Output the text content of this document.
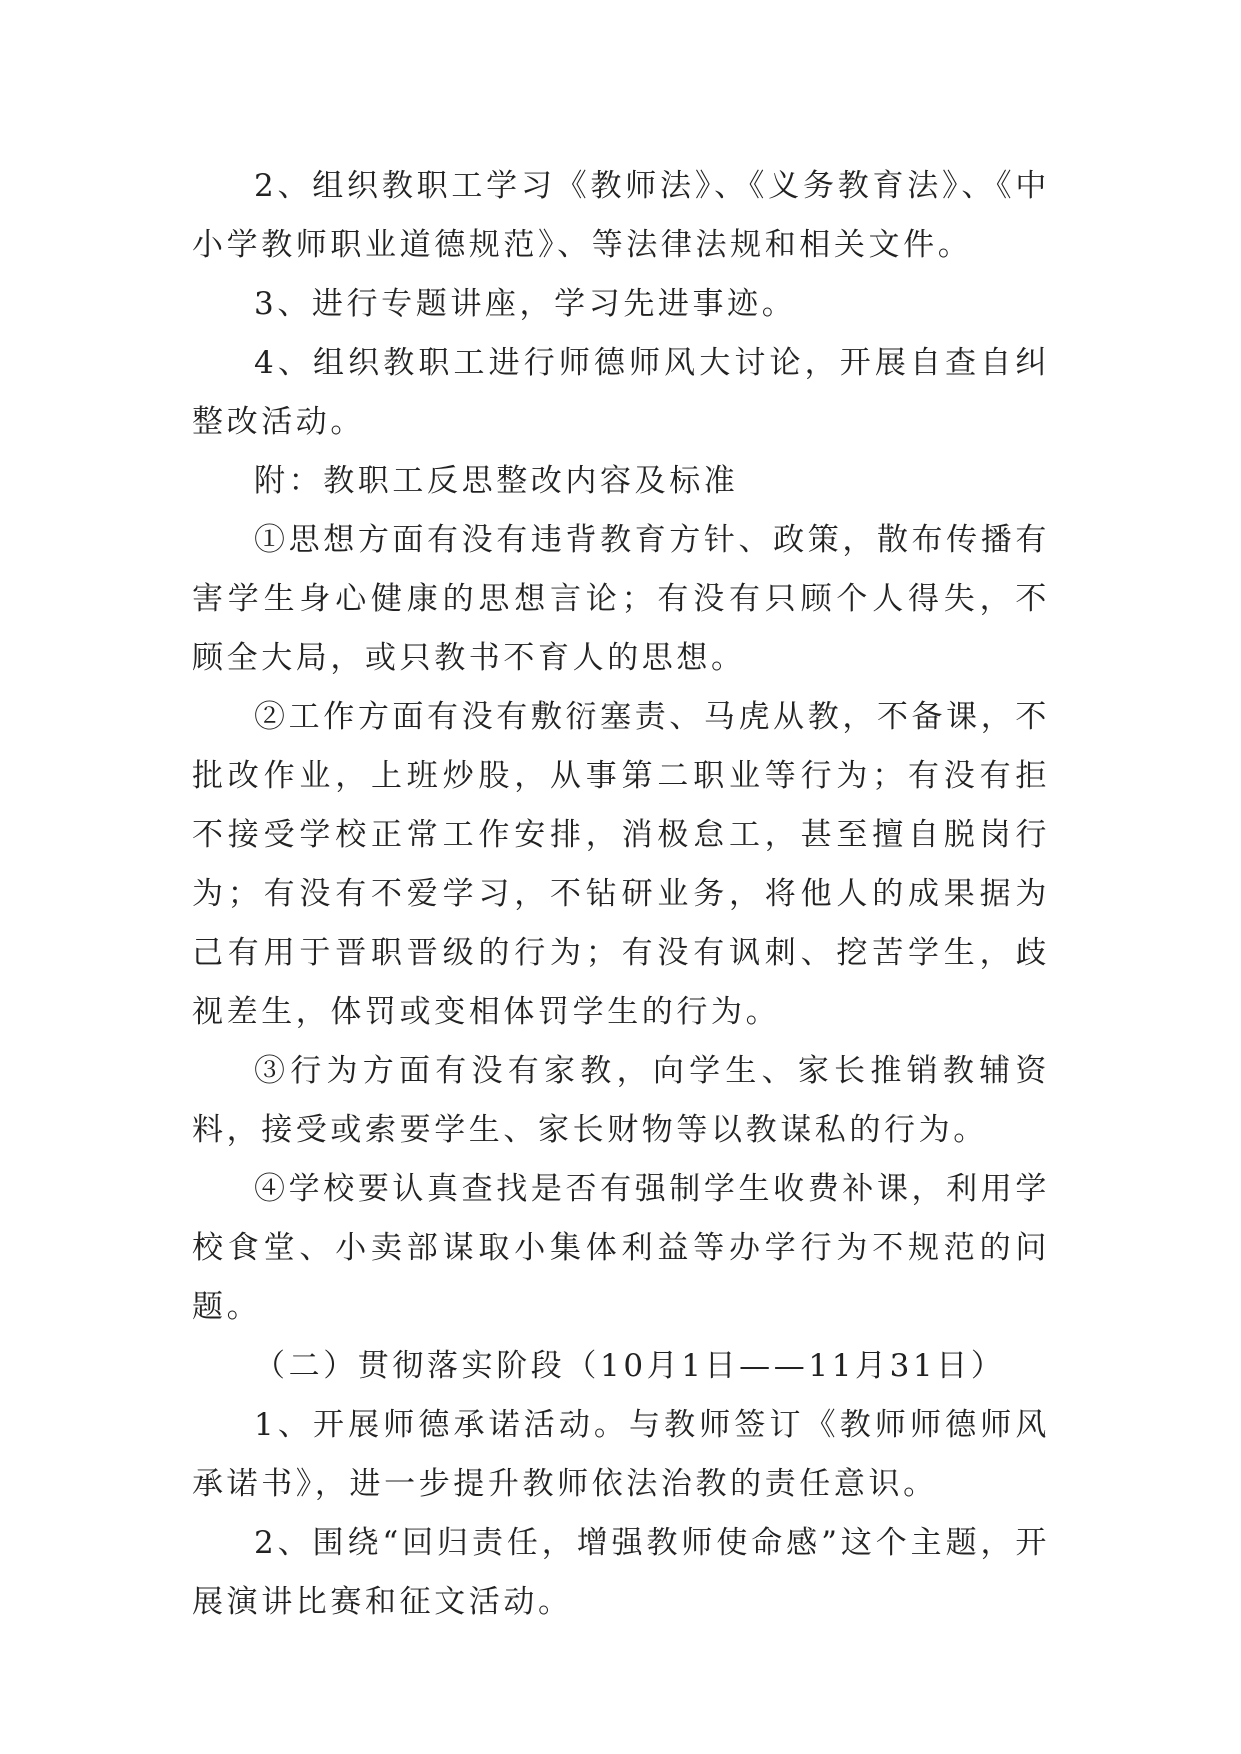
2、组织教职工学习《教师法》、《义务教育法》、《中小学教师职业道德规范》、等法律法规和相关文件。

3、进行专题讲座，学习先进事迹。

4、组织教职工进行师德师风大讨论，开展自查自纠整改活动。

附：教职工反思整改内容及标准

①思想方面有没有违背教育方针、政策，散布传播有害学生身心健康的思想言论；有没有只顾个人得失，不顾全大局，或只教书不育人的思想。

②工作方面有没有敷衍塞责、马虎从教，不备课，不批改作业，上班炒股，从事第二职业等行为；有没有拒不接受学校正常工作安排，消极怠工，甚至擅自脱岗行为；有没有不爱学习，不钻研业务，将他人的成果据为己有用于晋职晋级的行为；有没有讽刺、挖苦学生，歧视差生，体罚或变相体罚学生的行为。

③行为方面有没有家教，向学生、家长推销教辅资料，接受或索要学生、家长财物等以教谋私的行为。

④学校要认真查找是否有强制学生收费补课，利用学校食堂、小卖部谋取小集体利益等办学行为不规范的问题。

（二）贯彻落实阶段（10月1日——11月31日）

1、开展师德承诺活动。与教师签订《教师师德师风承诺书》，进一步提升教师依法治教的责任意识。

2、围绕“回归责任，增强教师使命感”这个主题，开展演讲比赛和征文活动。
